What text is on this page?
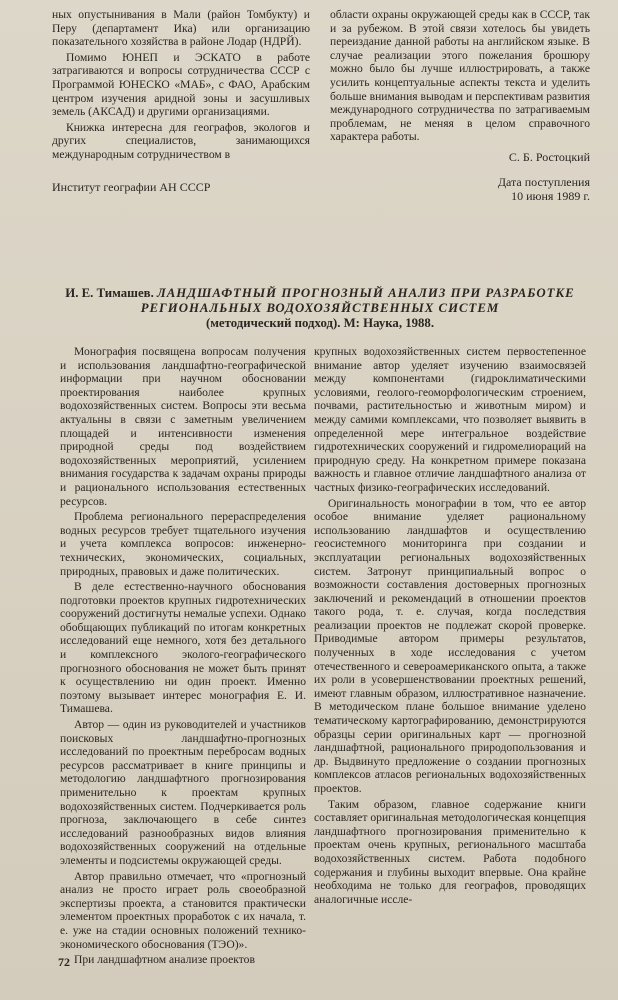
ных опустынивания в Мали (район Томбукту) и Перу (департамент Ика) или организацию показательного хозяйства в районе Лодар (НДРЙ).

Помимо ЮНЕП и ЭСКАТО в работе затрагиваются и вопросы сотрудничества СССР с Программой ЮНЕСКО «МАБ», с ФАО, Арабским центром изучения аридной зоны и засушливых земель (АКСАД) и другими организациями.

Книжка интересна для географов, экологов и других специалистов, занимающихся международным сотрудничеством в

Институт географии АН СССР

области охраны окружающей среды как в СССР, так и за рубежом. В этой связи хотелось бы увидеть переиздание данной работы на английском языке. В случае реализации этого пожелания брошюру можно было бы лучше иллюстрировать, а также усилить концептуальные аспекты текста и уделить больше внимания выводам и перспективам развития международного сотрудничества по затрагиваемым проблемам, не меняя в целом справочного характера работы.

С. Б. Ростоцкий
Дата поступления
10 июня 1989 г.
И. Е. Тимашев. ЛАНДШАФТНЫЙ ПРОГНОЗНЫЙ АНАЛИЗ ПРИ РАЗРАБОТКЕ РЕГИОНАЛЬНЫХ ВОДОХОЗЯЙСТВЕННЫХ СИСТЕМ
(методический подход). М: Наука, 1988.

Монография посвящена вопросам получения и использования ландшафтно-географической информации при научном обосновании проектирования наиболее крупных водохозяйственных систем. Вопросы эти весьма актуальны в связи с заметным увеличением площадей и интенсивности изменения природной среды под воздействием водохозяйственных мероприятий, усилением внимания государства к задачам охраны природы и рационального использования естественных ресурсов.

Проблема регионального перераспределения водных ресурсов требует тщательного изучения и учета комплекса вопросов: инженерно-технических, экономических, социальных, природных, правовых и даже политических.

В деле естественно-научного обоснования подготовки проектов крупных гидротехнических сооружений достигнуты немалые успехи. Однако обобщающих публикаций по итогам конкретных исследований еще немного, хотя без детального и комплексного эколого-географического прогнозного обоснования не может быть принят к осуществлению ни один проект. Именно поэтому вызывает интерес монография Е. И. Тимашева.

Автор — один из руководителей и участников поисковых ландшафтно-прогнозных исследований по проектным перебросам водных ресурсов рассматривает в книге принципы и методологию ландшафтного прогнозирования применительно к проектам крупных водохозяйственных систем. Подчеркивается роль прогноза, заключающего в себе синтез исследований разнообразных видов влияния водохозяйственных сооружений на отдельные элементы и подсистемы окружающей среды.

Автор правильно отмечает, что «прогнозный анализ не просто играет роль своеобразной экспертизы проекта, а становится практически элементом проектных проработок с их начала, т. е. уже на стадии основных положений технико-экономического обоснования (ТЭО)».

При ландшафтном анализе проектов

крупных водохозяйственных систем первостепенное внимание автор уделяет изучению взаимосвязей между компонентами (гидроклиматическими условиями, геолого-геоморфологическим строением, почвами, растительностью и животным миром) и между самими комплексами, что позволяет выявить в определенной мере интегральное воздействие гидротехнических сооружений и гидромелиораций на природную среду. На конкретном примере показана важность и главное отличие ландшафтного анализа от частных физико-географических исследований.

Оригинальность монографии в том, что ее автор особое внимание уделяет рациональному использованию ландшафтов и осуществлению геосистемного мониторинга при создании и эксплуатации региональных водохозяйственных систем. Затронут принципиальный вопрос о возможности составления достоверных прогнозных заключений и рекомендаций в отношении проектов такого рода, т. е. случая, когда последствия реализации проектов не подлежат скорой проверке. Приводимые автором примеры результатов, полученных в ходе исследования с учетом отечественного и североамериканского опыта, а также их роли в усовершенствовании проектных решений, имеют главным образом, иллюстративное назначение. В методическом плане большое внимание уделено тематическому картографированию, демонстрируются образцы серии оригинальных карт — прогнозной ландшафтной, рационального природопользования и др. Выдвинуто предложение о создании прогнозных комплексов атласов региональных водохозяйственных проектов.

Таким образом, главное содержание книги составляет оригинальная методологическая концепция ландшафтного прогнозирования применительно к проектам очень крупных, регионального масштаба водохозяйственных систем. Работа подобного содержания и глубины выходит впервые. Она крайне необходима не только для географов, проводящих аналогичные иссле-

72
